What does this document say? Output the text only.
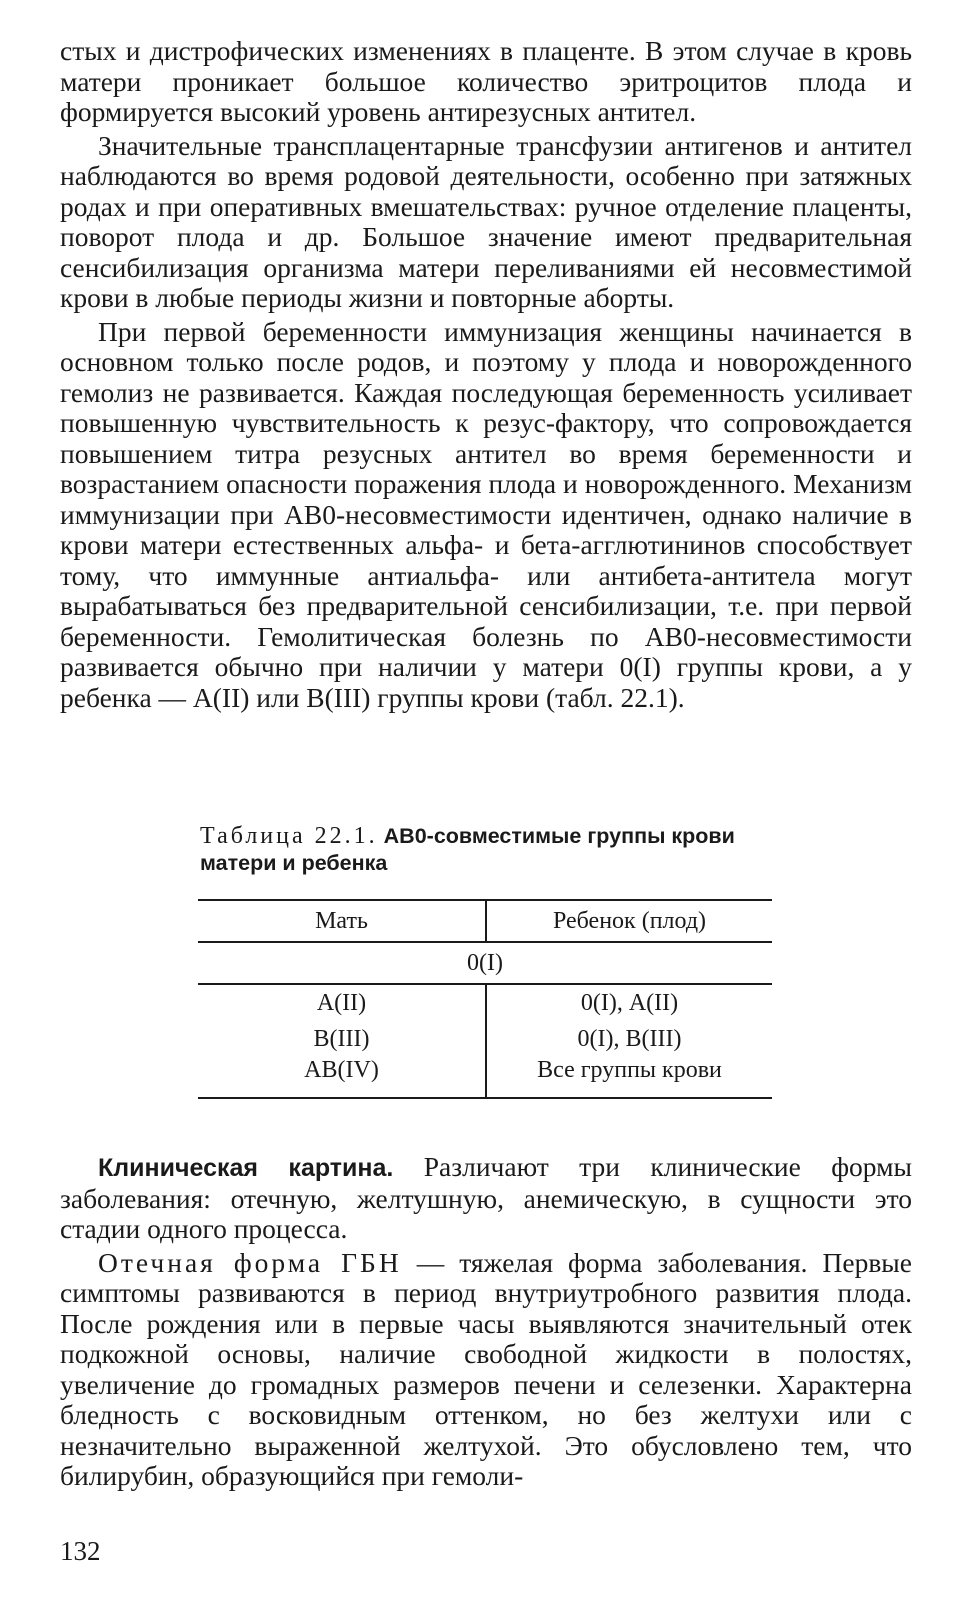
стых и дистрофических изменениях в плаценте. В этом случае в кровь матери проникает большое количество эритроцитов плода и формируется высокий уровень антирезусных антител.

Значительные трансплацентарные трансфузии антигенов и антител наблюдаются во время родовой деятельности, особенно при затяжных родах и при оперативных вмешательствах: ручное отделение плаценты, поворот плода и др. Большое значение имеют предварительная сенсибилизация организма матери переливаниями ей несовместимой крови в любые периоды жизни и повторные аборты.

При первой беременности иммунизация женщины начинается в основном только после родов, и поэтому у плода и новорожденного гемолиз не развивается. Каждая последующая беременность усиливает повышенную чувствительность к резус-фактору, что сопровождается повышением титра резусных антител во время беременности и возрастанием опасности поражения плода и новорожденного. Механизм иммунизации при АВ0-несовместимости идентичен, однако наличие в крови матери естественных альфа- и бета-агглютининов способствует тому, что иммунные антиальфа- или антибета-антитела могут вырабатываться без предварительной сенсибилизации, т.е. при первой беременности. Гемолитическая болезнь по АВ0-несовместимости развивается обычно при наличии у матери 0(I) группы крови, а у ребенка — А(II) или В(III) группы крови (табл. 22.1).

Таблица 22.1. АВ0-совместимые группы крови матери и ребенка
Мать	Ребенок (плод)
0(I)	
А(II)	0(I), А(II)
В(III)	0(I), В(III)
АВ(IV)	Все группы крови

Клиническая картина. Различают три клинические формы заболевания: отечную, желтушную, анемическую, в сущности это стадии одного процесса.

Отечная форма ГБН — тяжелая форма заболевания. Первые симптомы развиваются в период внутриутробного развития плода. После рождения или в первые часы выявляются значительный отек подкожной основы, наличие свободной жидкости в полостях, увеличение до громадных размеров печени и селезенки. Характерна бледность с восковидным оттенком, но без желтухи или с незначительно выраженной желтухой. Это обусловлено тем, что билирубин, образующийся при гемоли-

132
